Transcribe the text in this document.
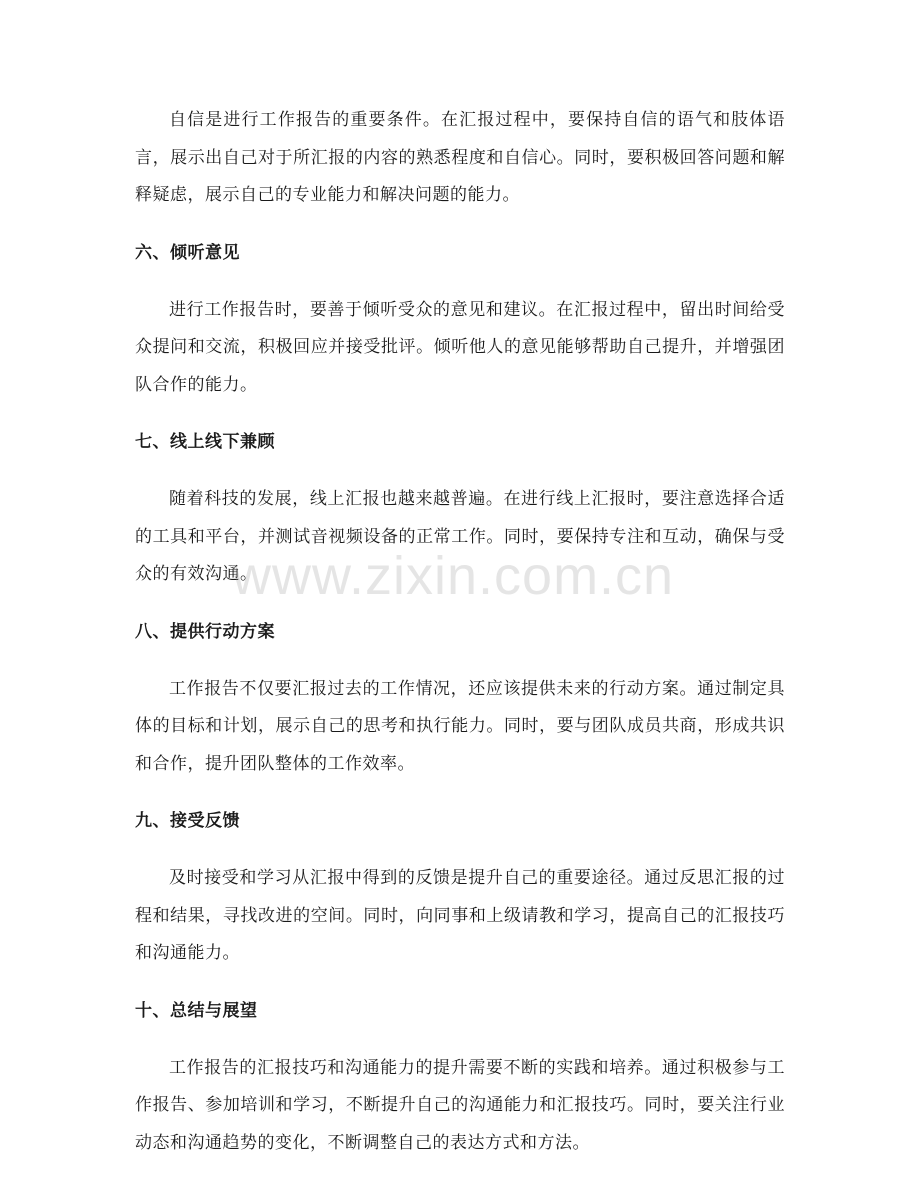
自信是进行工作报告的重要条件。在汇报过程中，要保持自信的语气和肢体语言，展示出自己对于所汇报的内容的熟悉程度和自信心。同时，要积极回答问题和解释疑虑，展示自己的专业能力和解决问题的能力。

六、倾听意见

进行工作报告时，要善于倾听受众的意见和建议。在汇报过程中，留出时间给受众提问和交流，积极回应并接受批评。倾听他人的意见能够帮助自己提升，并增强团队合作的能力。

七、线上线下兼顾

随着科技的发展，线上汇报也越来越普遍。在进行线上汇报时，要注意选择合适的工具和平台，并测试音视频设备的正常工作。同时，要保持专注和互动，确保与受众的有效沟通。

八、提供行动方案

工作报告不仅要汇报过去的工作情况，还应该提供未来的行动方案。通过制定具体的目标和计划，展示自己的思考和执行能力。同时，要与团队成员共商，形成共识和合作，提升团队整体的工作效率。

九、接受反馈

及时接受和学习从汇报中得到的反馈是提升自己的重要途径。通过反思汇报的过程和结果，寻找改进的空间。同时，向同事和上级请教和学习，提高自己的汇报技巧和沟通能力。

十、总结与展望

工作报告的汇报技巧和沟通能力的提升需要不断的实践和培养。通过积极参与工作报告、参加培训和学习，不断提升自己的沟通能力和汇报技巧。同时，要关注行业动态和沟通趋势的变化，不断调整自己的表达方式和方法。

www.zixin.com.cn
